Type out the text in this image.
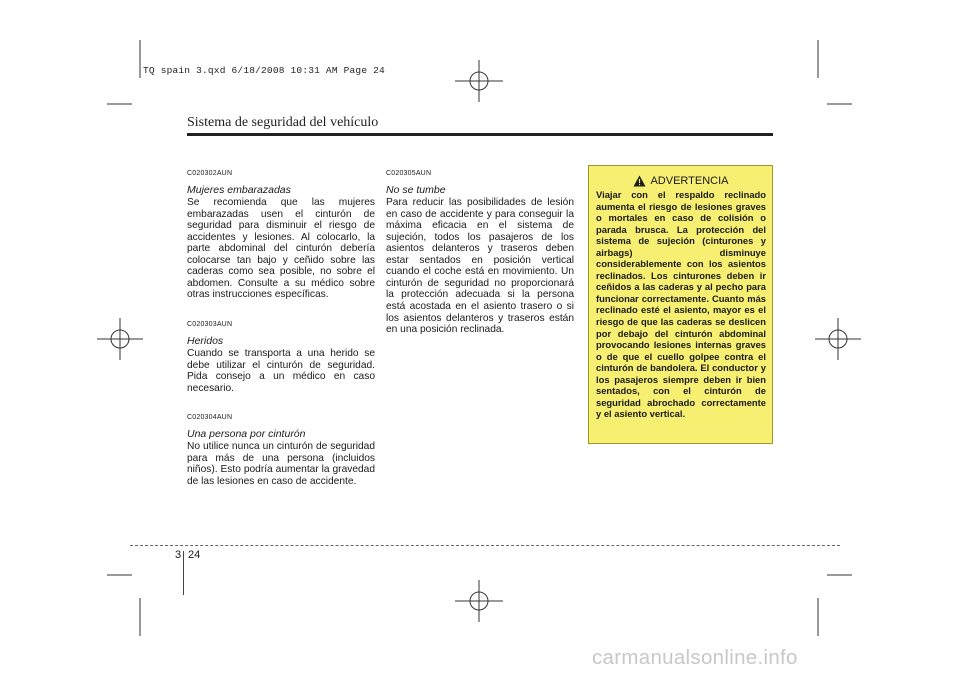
TQ spain 3.qxd 6/18/2008 10:31 AM Page 24
Sistema de seguridad del vehículo

C020302AUN

Mujeres embarazadas

Se recomienda que las mujeres embarazadas usen el cinturón de seguridad para disminuir el riesgo de accidentes y lesiones. Al colocarlo, la parte abdominal del cinturón debería colocarse tan bajo y ceñido sobre las caderas como sea posible, no sobre el abdomen. Consulte a su médico sobre otras instrucciones específicas.

C020303AUN

Heridos

Cuando se transporta a una herido se debe utilizar el cinturón de seguridad. Pida consejo a un médico en caso necesario.

C020304AUN

Una persona por cinturón

No utilice nunca un cinturón de seguridad para más de una persona (incluidos niños). Esto podría aumentar la gravedad de las lesiones en caso de accidente.

C020305AUN

No se tumbe

Para reducir las posibilidades de lesión en caso de accidente y para conseguir la máxima eficacia en el sistema de sujeción, todos los pasajeros de los asientos delanteros y traseros deben estar sentados en posición vertical cuando el coche está en movimiento. Un cinturón de seguridad no proporcionará la protección adecuada si la persona está acostada en el asiento trasero o si los asientos delanteros y traseros están en una posición reclinada.

ADVERTENCIA

Viajar con el respaldo reclinado aumenta el riesgo de lesiones graves o mortales en caso de colisión o parada brusca. La protección del sistema de sujeción (cinturones y airbags) disminuye considerablemente con los asientos reclinados. Los cinturones deben ir ceñidos a las caderas y al pecho para funcionar correctamente. Cuanto más reclinado esté el asiento, mayor es el riesgo de que las caderas se deslicen por debajo del cinturón abdominal provocando lesiones internas graves o de que el cuello golpee contra el cinturón de bandolera. El conductor y los pasajeros siempre deben ir bien sentados, con el cinturón de seguridad abrochado correctamente y el asiento vertical.

3 24
carmanualsonline.info
